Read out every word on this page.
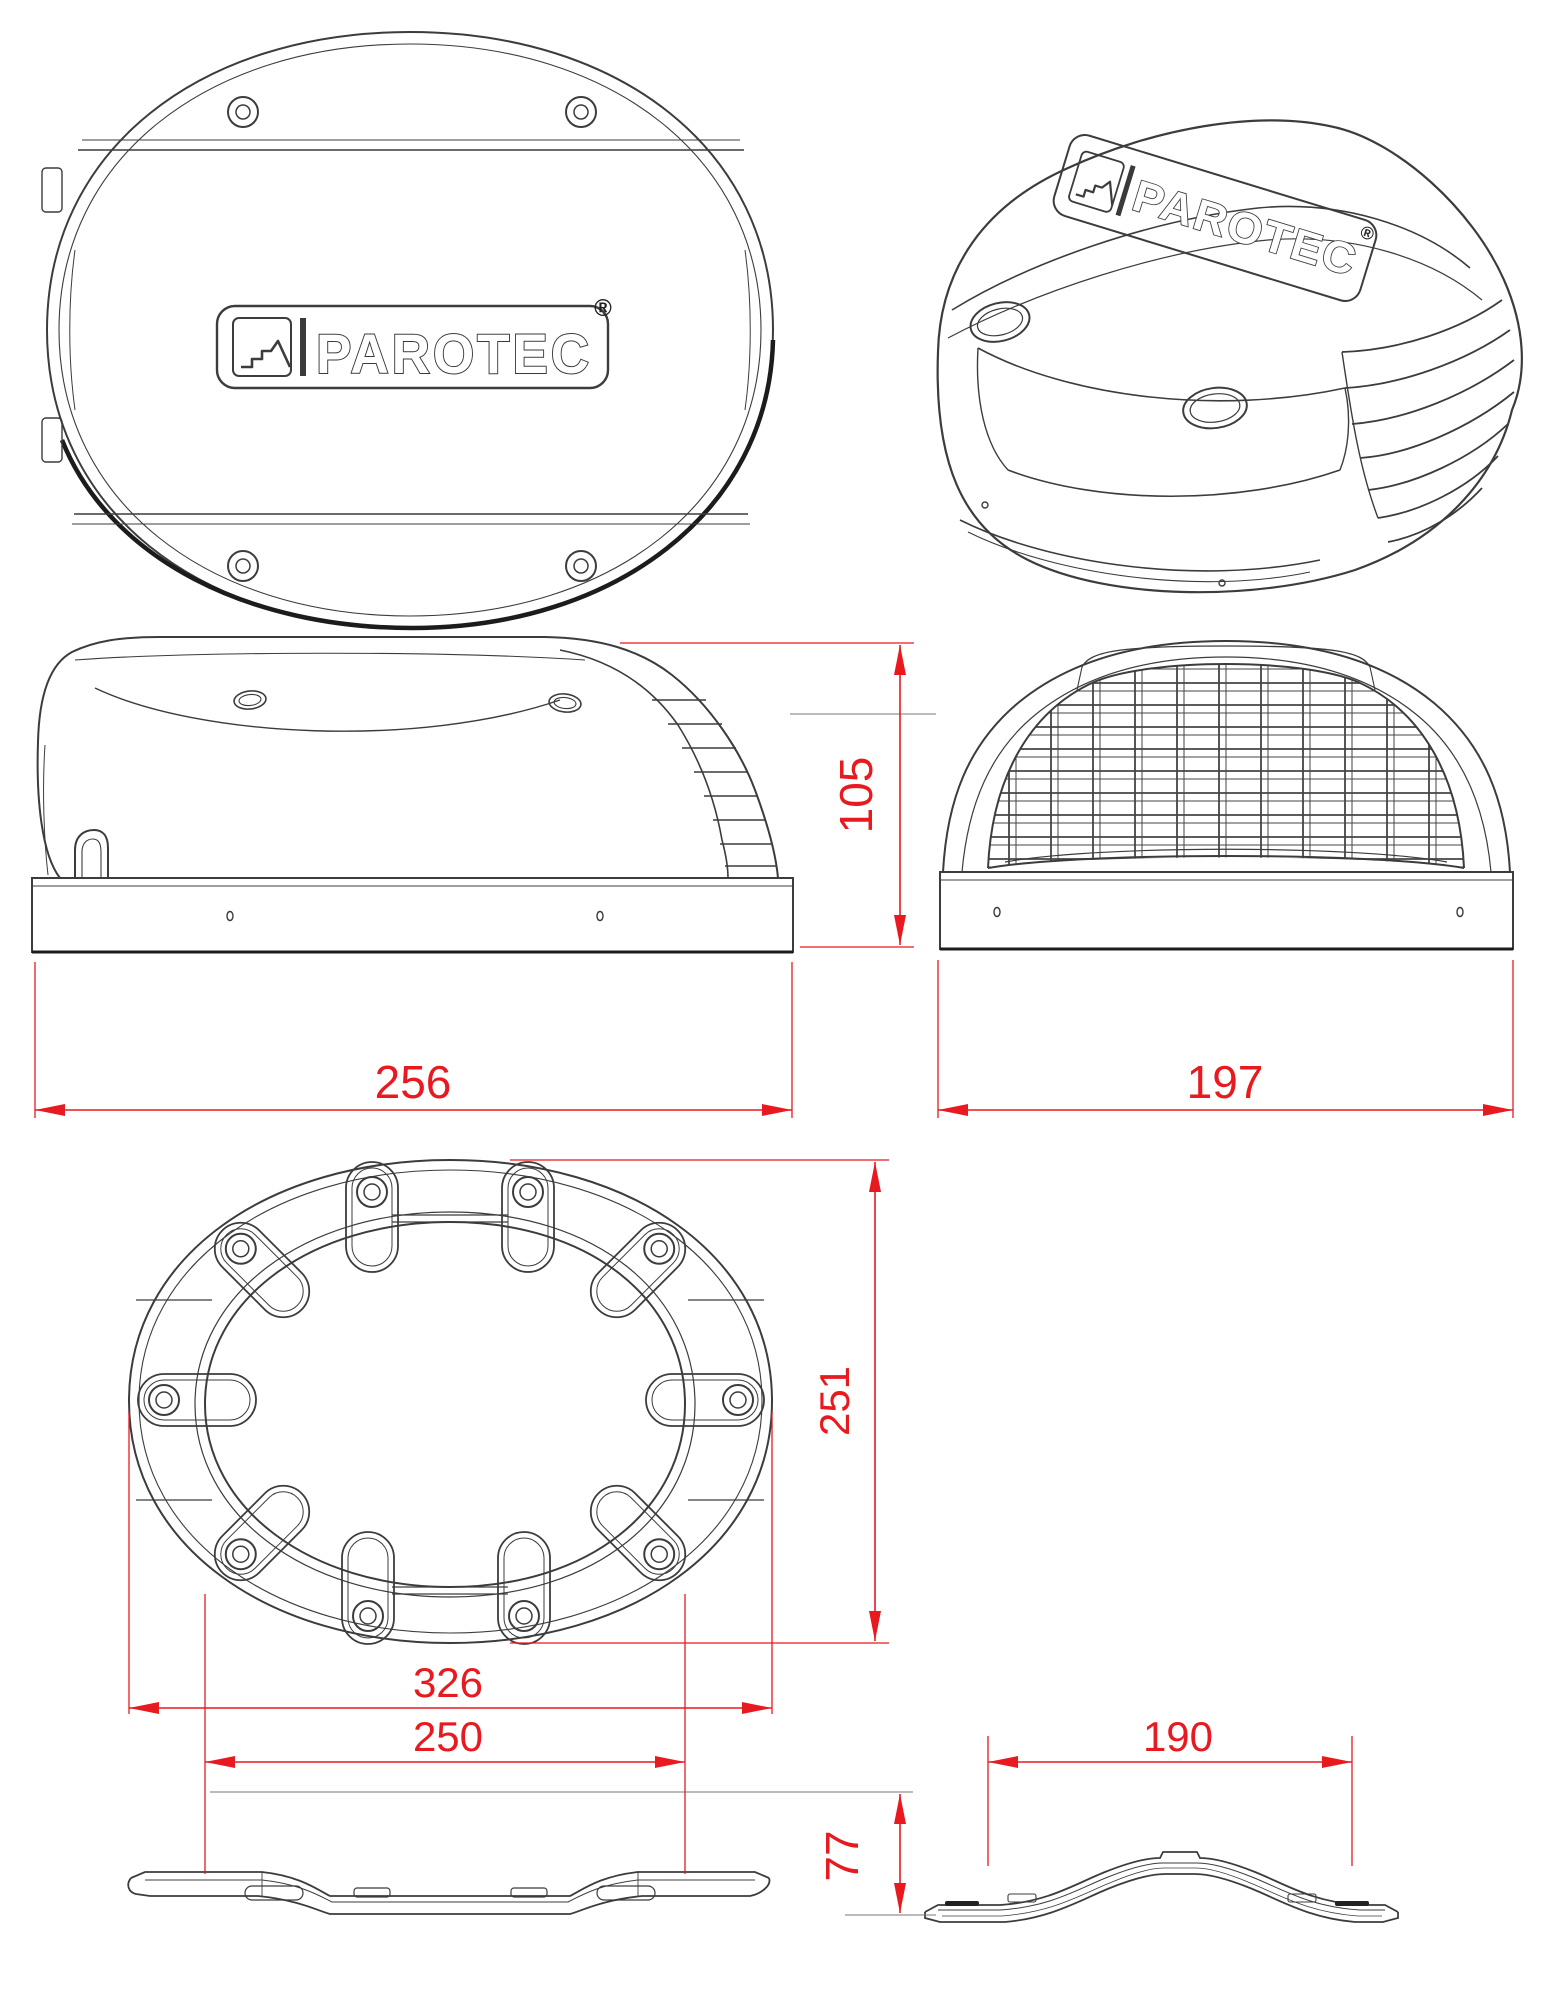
PAROTEC
®
PAROTEC ®
256	197
105
251
326
250	190
77
